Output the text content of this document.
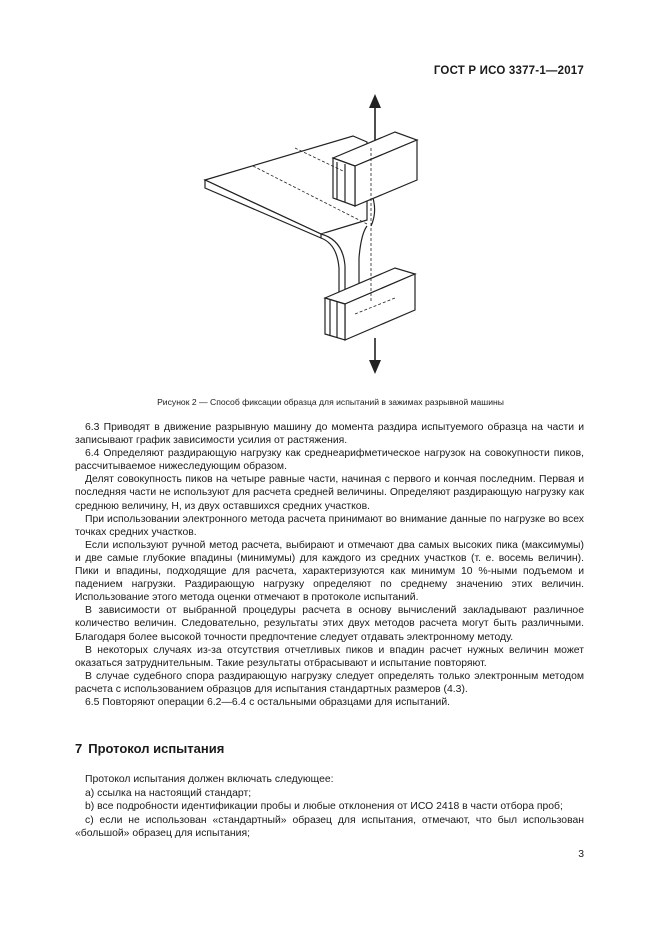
ГОСТ Р ИСО 3377-1—2017
Рисунок 2 — Способ фиксации образца для испытаний в зажимах разрывной машины

6.3 Приводят в движение разрывную машину до момента раздира испытуемого образца на части и записывают график зависимости усилия от растяжения.

6.4 Определяют раздирающую нагрузку как среднеарифметическое нагрузок на совокупности пиков, рассчитываемое нижеследующим образом.

Делят совокупность пиков на четыре равные части, начиная с первого и кончая последним. Первая и последняя части не используют для расчета средней величины. Определяют раздирающую нагрузку как среднюю величину, H, из двух оставшихся средних участков.

При использовании электронного метода расчета принимают во внимание данные по нагрузке во всех точках средних участков.

Если используют ручной метод расчета, выбирают и отмечают два самых высоких пика (максимумы) и две самые глубокие впадины (минимумы) для каждого из средних участков (т. е. восемь величин). Пики и впадины, подходящие для расчета, характеризуются как минимум 10 %-ными подъемом и падением нагрузки. Раздирающую нагрузку определяют по среднему значению этих величин. Использование этого метода оценки отмечают в протоколе испытаний.

В зависимости от выбранной процедуры расчета в основу вычислений закладывают различное количество величин. Следовательно, результаты этих двух методов расчета могут быть различными. Благодаря более высокой точности предпочтение следует отдавать электронному методу.

В некоторых случаях из-за отсутствия отчетливых пиков и впадин расчет нужных величин может оказаться затруднительным. Такие результаты отбрасывают и испытание повторяют.

В случае судебного спора раздирающую нагрузку следует определять только электронным методом расчета с использованием образцов для испытания стандартных размеров (4.3).

6.5 Повторяют операции 6.2—6.4 с остальными образцами для испытаний.

7 Протокол испытания

Протокол испытания должен включать следующее:

а) ссылка на настоящий стандарт;

b) все подробности идентификации пробы и любые отклонения от ИСО 2418 в части отбора проб;

c) если не использован «стандартный» образец для испытания, отмечают, что был использован «большой» образец для испытания;

3
